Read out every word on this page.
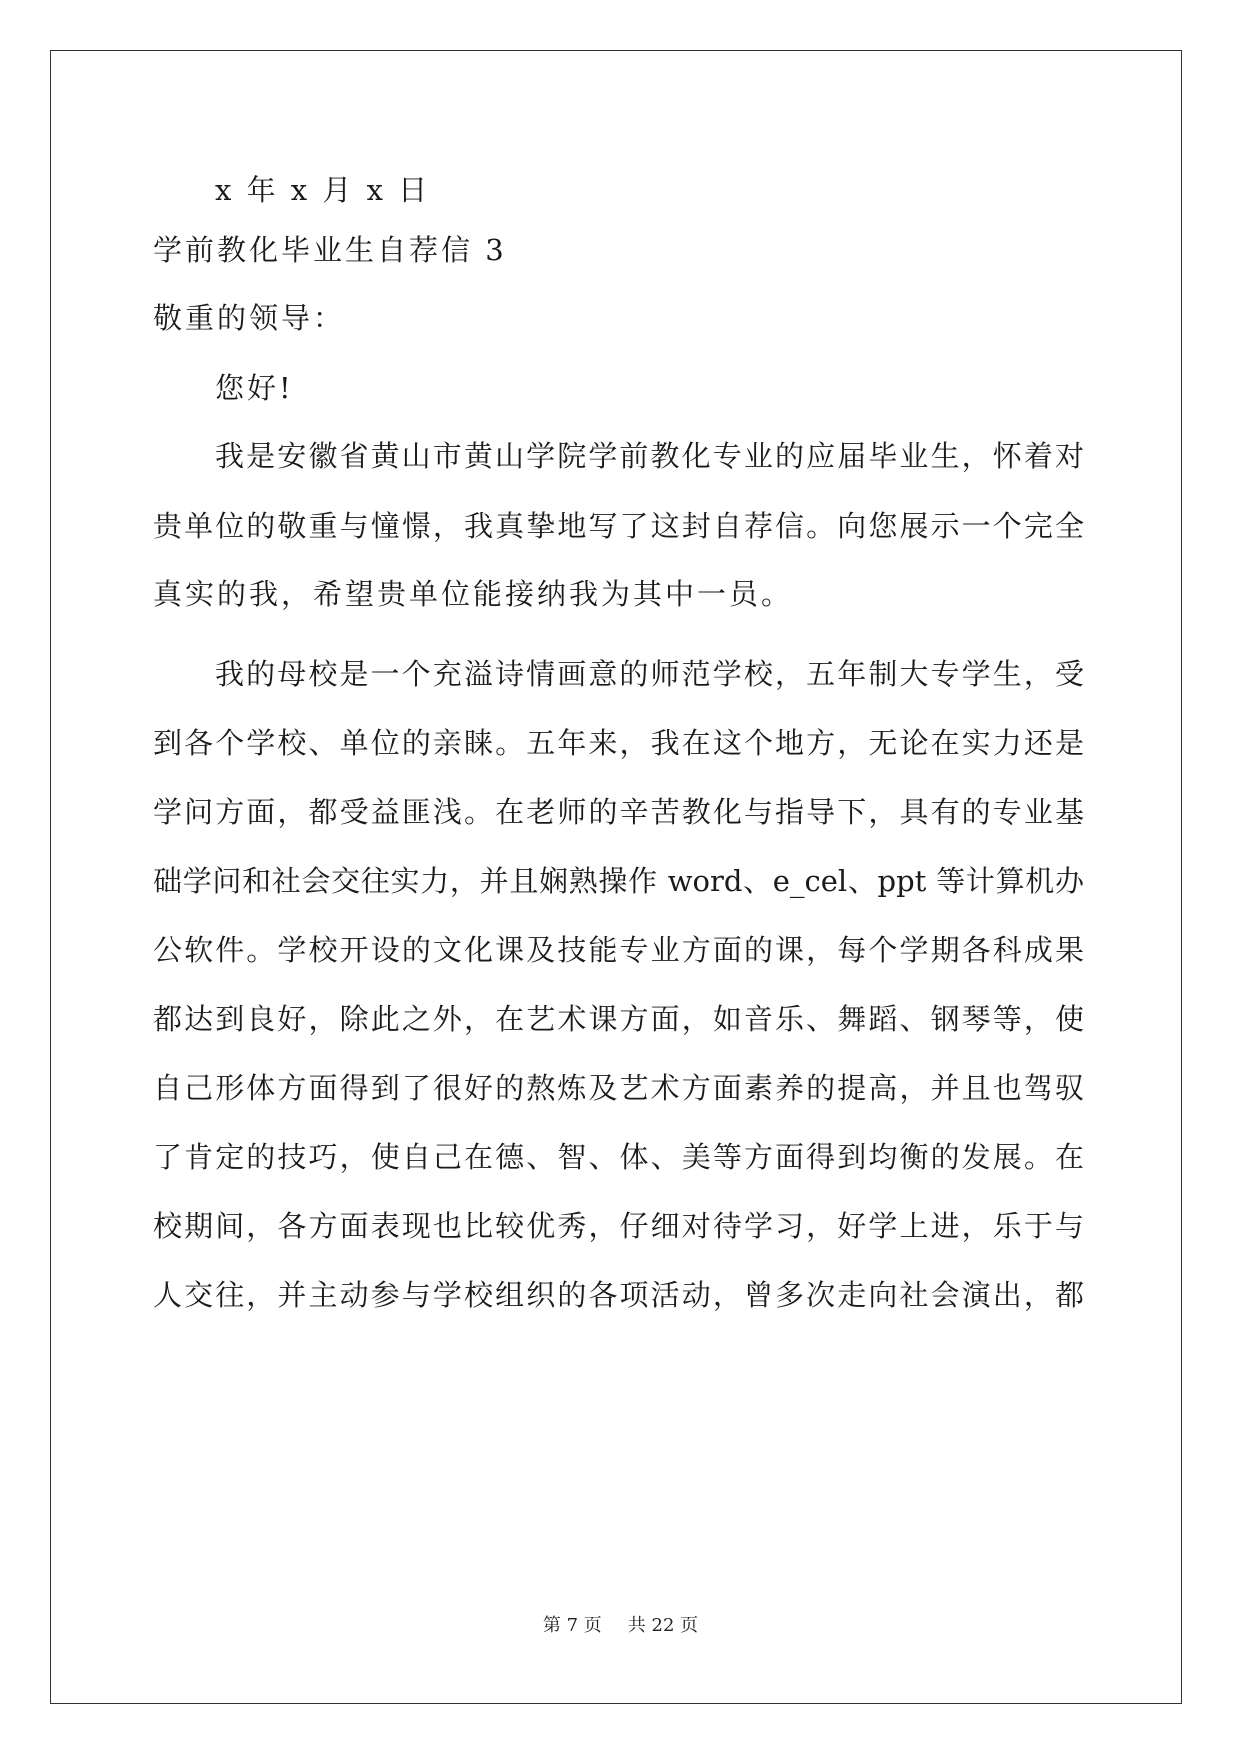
x 年 x 月 x 日
学前教化毕业生自荐信 3
敬重的领导：
您好!
我是安徽省黄山市黄山学院学前教化专业的应届毕业生，怀着对
贵单位的敬重与憧憬，我真挚地写了这封自荐信。向您展示一个完全
真实的我，希望贵单位能接纳我为其中一员。
我的母校是一个充溢诗情画意的师范学校，五年制大专学生，受
到各个学校、单位的亲睐。五年来，我在这个地方，无论在实力还是
学问方面，都受益匪浅。在老师的辛苦教化与指导下，具有的专业基
础学问和社会交往实力，并且娴熟操作 word、e_cel、ppt 等计算机办
公软件。学校开设的文化课及技能专业方面的课，每个学期各科成果
都达到良好，除此之外，在艺术课方面，如音乐、舞蹈、钢琴等，使
自己形体方面得到了很好的熬炼及艺术方面素养的提高，并且也驾驭
了肯定的技巧，使自己在德、智、体、美等方面得到均衡的发展。在
校期间，各方面表现也比较优秀，仔细对待学习，好学上进，乐于与
人交往，并主动参与学校组织的各项活动，曾多次走向社会演出，都
第 7 页 共 22 页
